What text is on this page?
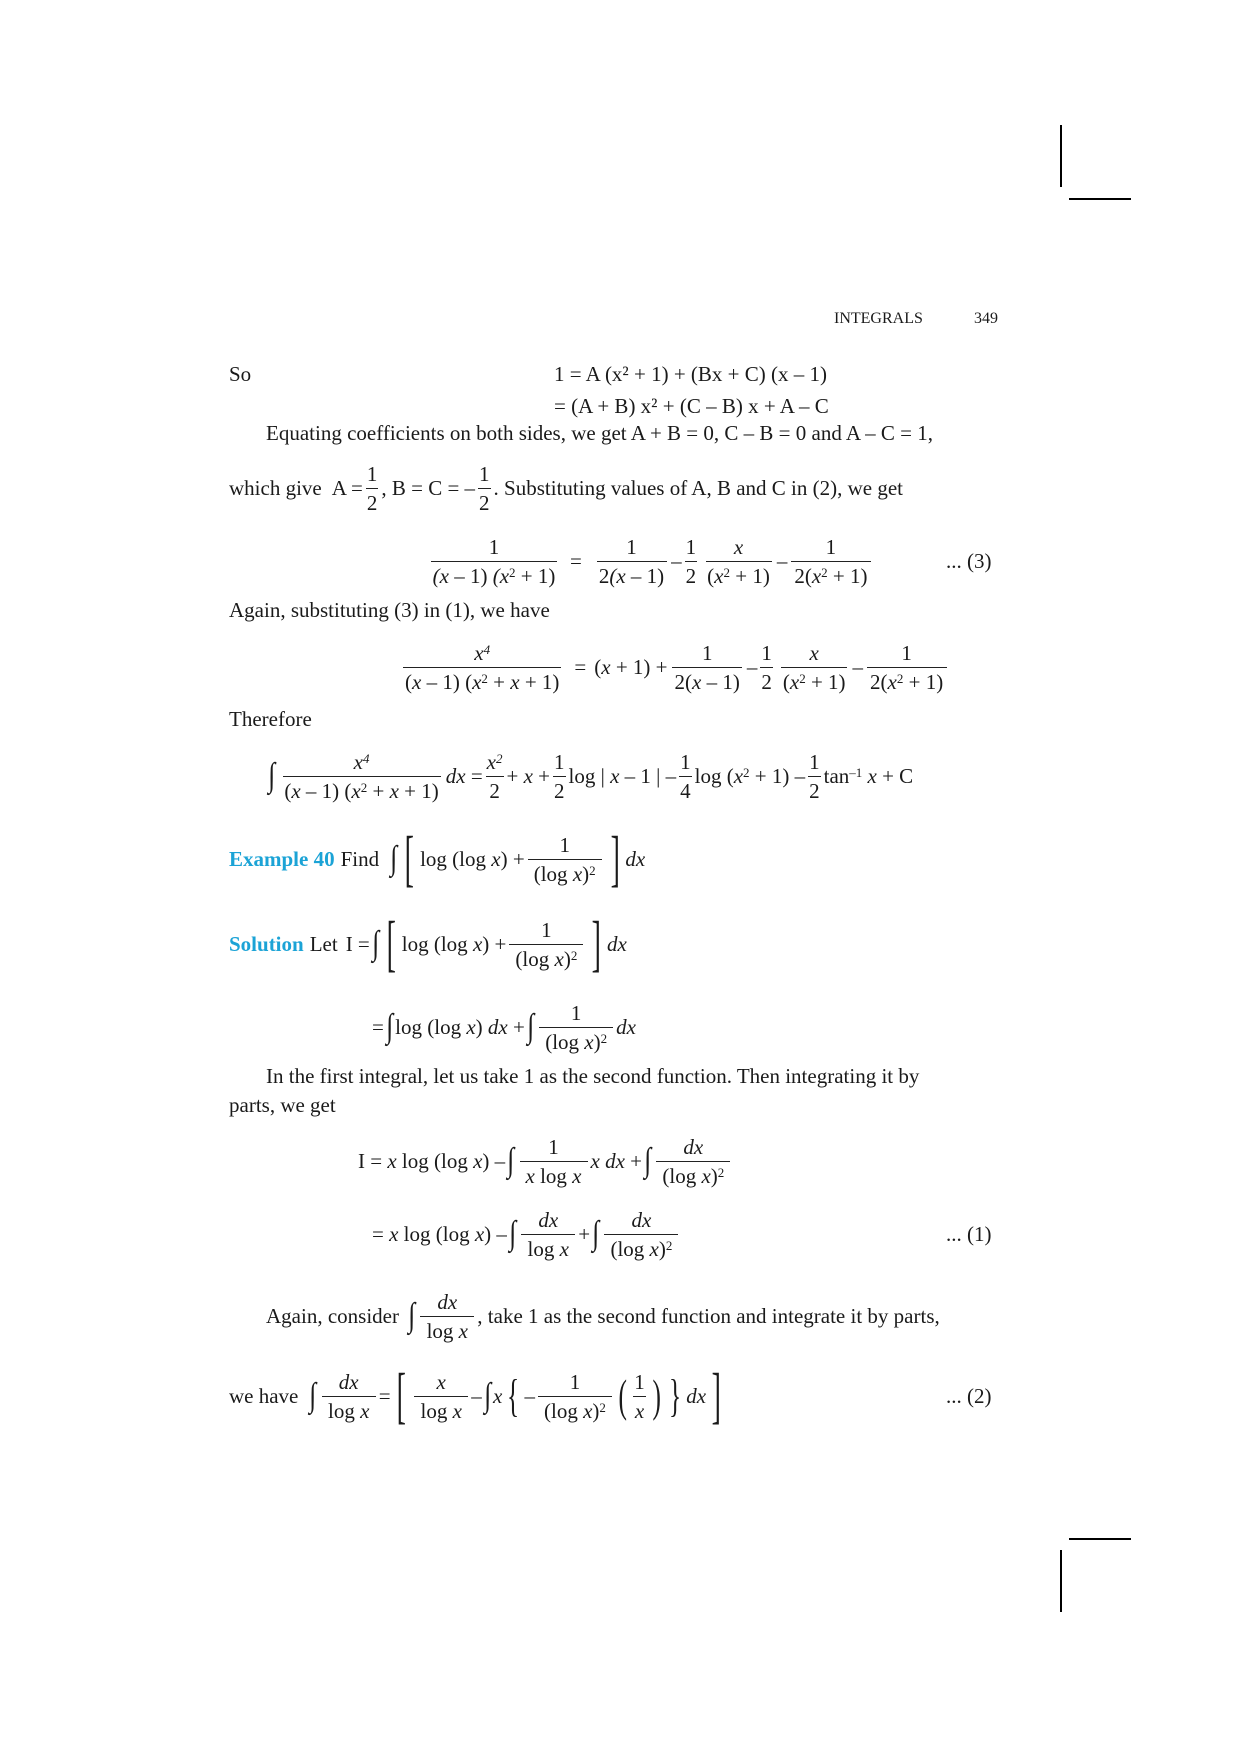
INTEGRALS	349
So	1 = A (x² + 1) + (Bx + C) (x – 1)
= (A + B) x² + (C – B) x + A – C
Equating coefficients on both sides, we get A + B = 0, C – B = 0 and A – C = 1,
which give $A = \frac{1}{2}$ , B = C = – $\frac{1}{2}$ . Substituting values of A, B and C in (2), we get
$\frac{1}{(x - 1) (x^2 + 1)} = \frac{1}{2(x - 1)} - \frac{1}{2} \frac{x}{(x^2 + 1)} - \frac{1}{2(x^2 + 1)}$	... (3)
Again, substituting (3) in (1), we have
$\frac{x^4}{(x - 1) (x^2 + x + 1)} = (x + 1) + \frac{1}{2(x - 1)} - \frac{1}{2} \frac{x}{(x^2 + 1)} - \frac{1}{2(x^2 + 1)}$
Therefore
∫ $\frac{x^4}{(x - 1) (x^2 + x + 1)}$ dx = $\frac{x^2}{2} + x + \frac{1}{2}$ log | x – 1 | – $\frac{1}{4}$ $\log (x^2 + 1) - \frac{1}{2} \tan^{-1} x + C$
Example 40 Find ∫ [ log (log $x) + \frac{1}{(\log x)^2}$ ] dx
Solution Let I = ∫ [ log (log $x) + \frac{1}{(\log x)^2}$ ] dx
= ∫ log (log x) dx + ∫ $\frac{1}{(\log x)^2}$ dx
In the first integral, let us take 1 as the second function. Then integrating it by
parts, we get
I = x log (log x) – ∫ $\frac{1}{\text{x log x}}$ x dx + ∫ $\frac{dx}{(\log x)^2}$
= x log (log x) – ∫ $\frac{dx}{\text{log x}}$ + ∫ $\frac{dx}{(\log x)^2}$	... (1)
Again, consider ∫ $\frac{dx}{\text{log x}}$ , take 1 as the second function and integrate it by parts,
we have ∫ $\frac{dx}{\text{log x}}$ = [ $\frac{x}{\text{log x}}$ – ∫ x { – $\frac{1}{(\log x)^2}$ ( $\frac{1}{x}$ ) } dx ]	... (2)
